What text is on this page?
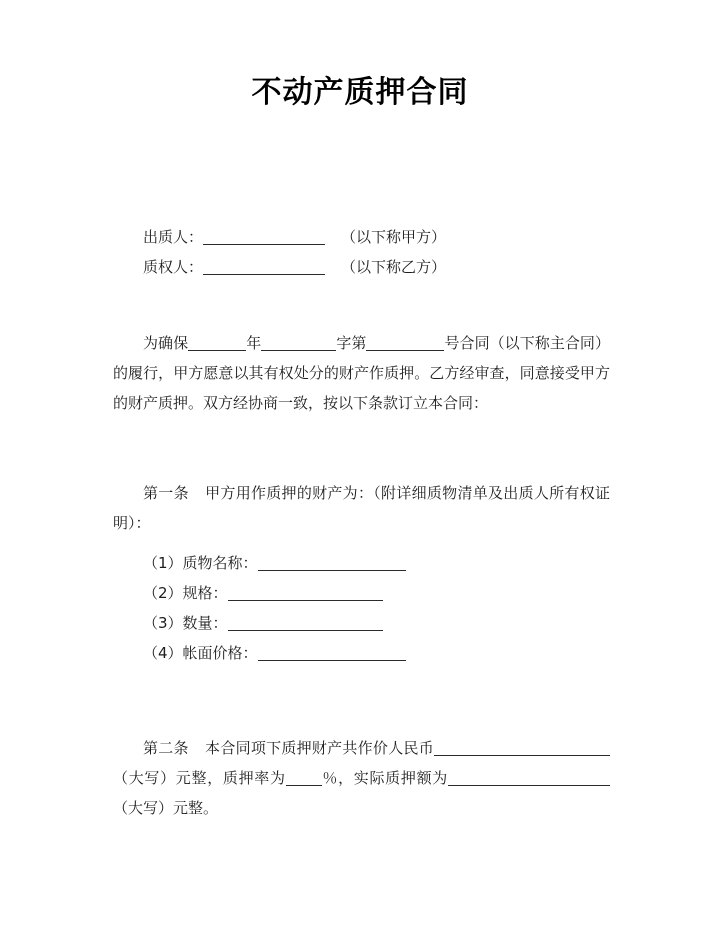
不动产质押合同
出质人：	（以下称甲方）
质权人：	（以下称乙方）

为确保	年	字第	号合同（以下称主合同）的履行，甲方愿意以其有权处分的财产作质押。乙方经审查，同意接受甲方的财产质押。双方经协商一致，按以下条款订立本合同：

第一条 甲方用作质押的财产为：（附详细质物清单及出质人所有权证明）：

（1）质物名称：
（2）规格：
（3）数量：
（4）帐面价格：

第二条 本合同项下质押财产共作价人民币（大写）元整，质押率为 ％，实际质押额为（大写）元整。
